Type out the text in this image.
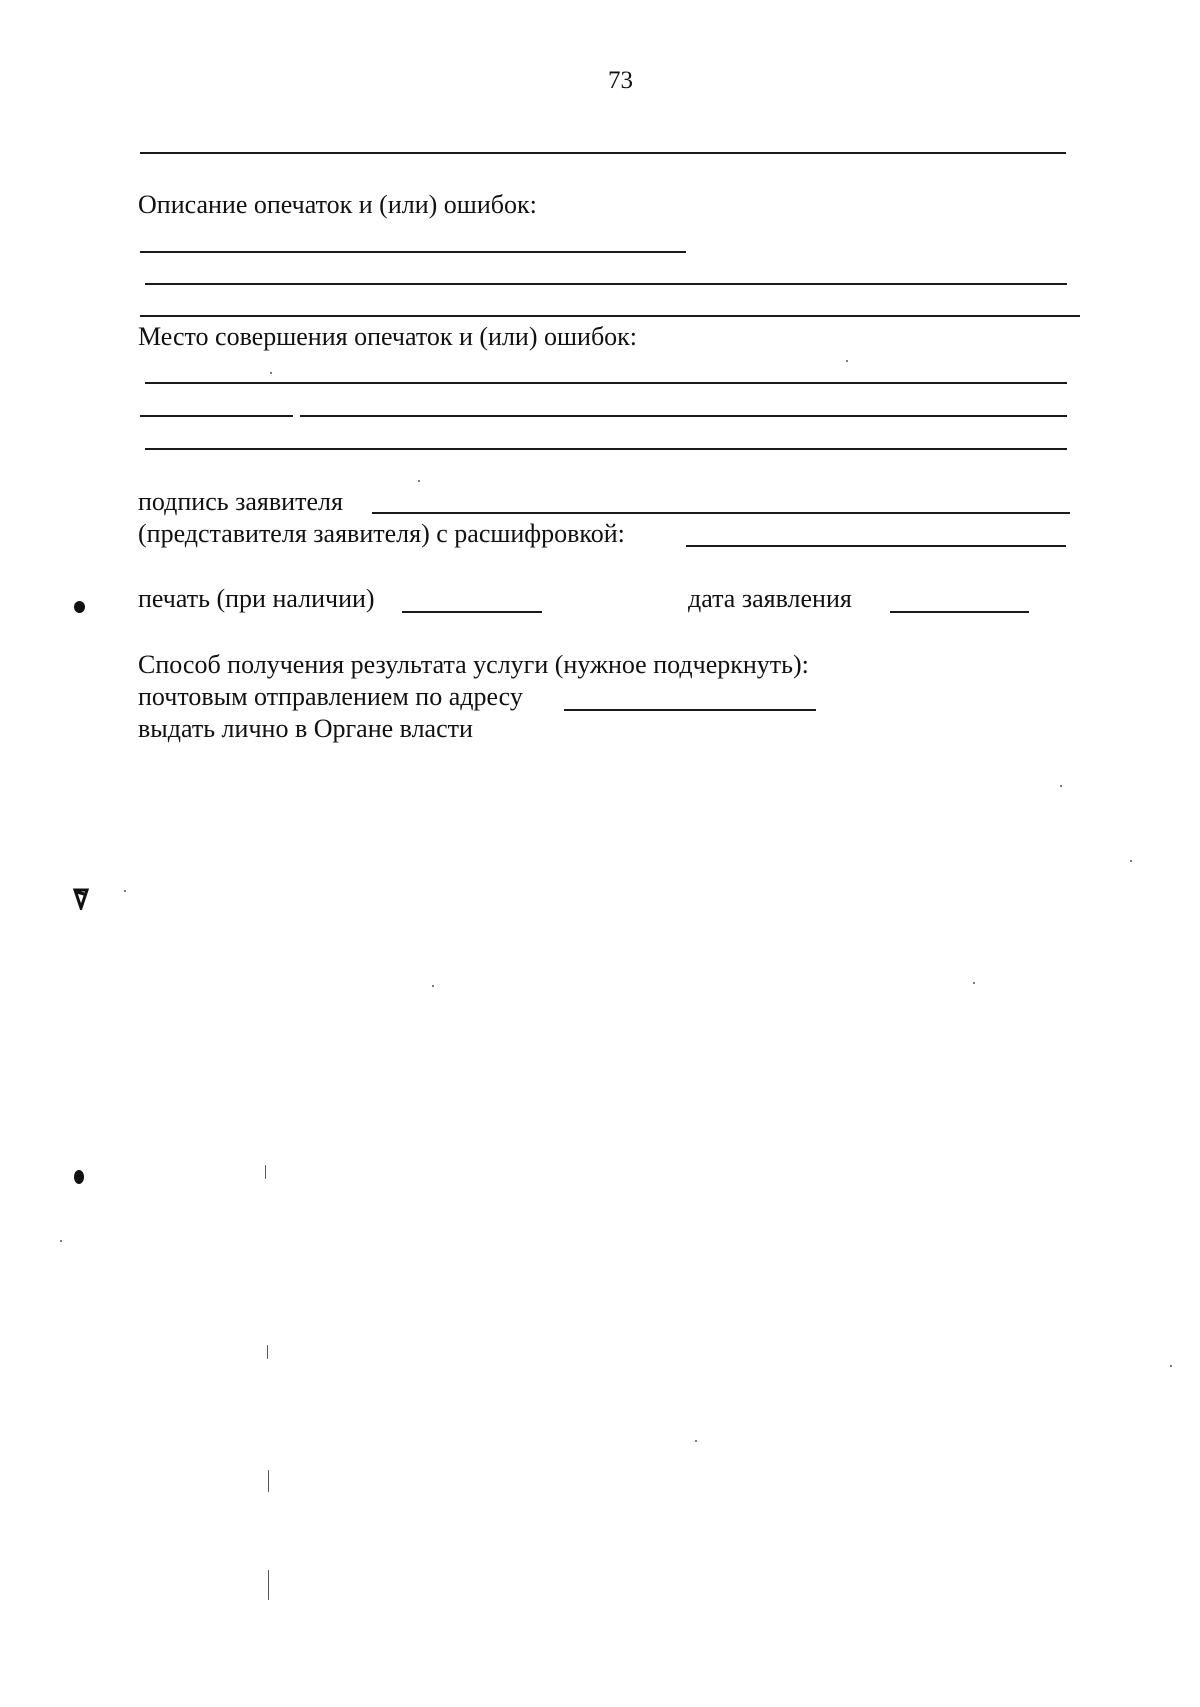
73
Описание опечаток и (или) ошибок:
Место совершения опечаток и (или) ошибок:
подпись заявителя
(представителя заявителя) с расшифровкой:
печать (при наличии)	дата заявления
Способ получения результата услуги (нужное подчеркнуть):
почтовым отправлением по адресу
выдать лично в Органе власти
